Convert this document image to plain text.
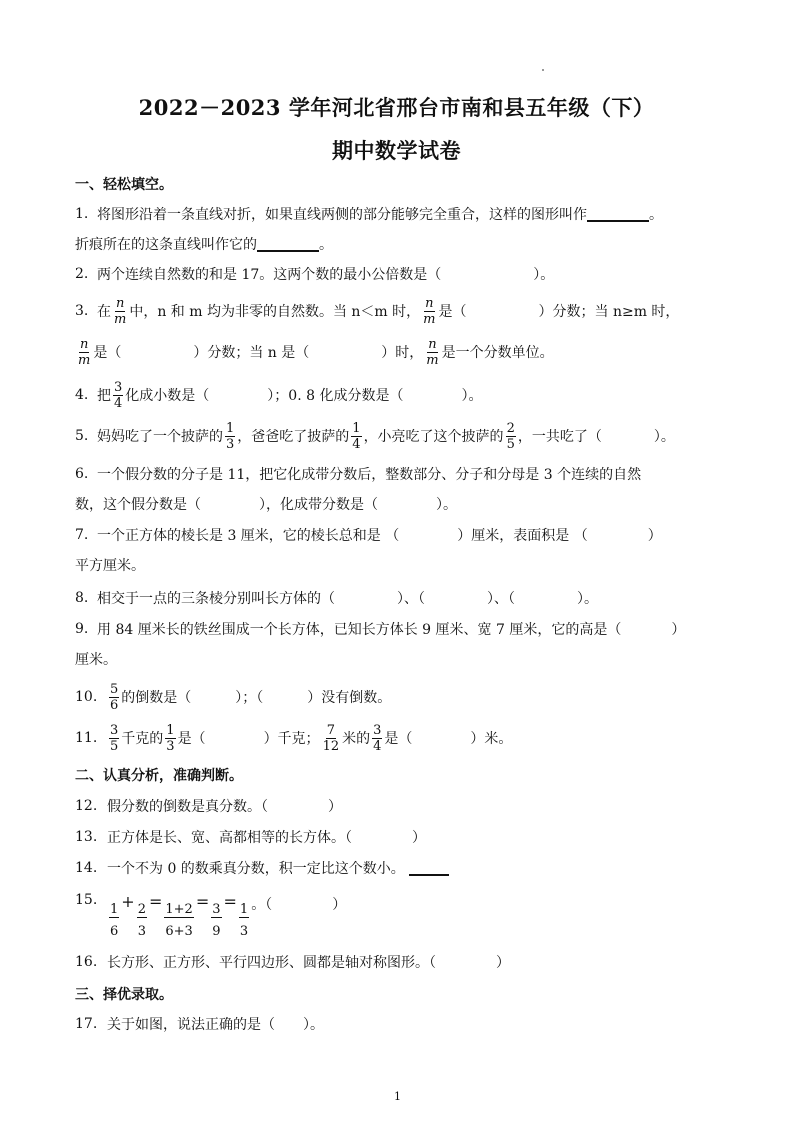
2022－2023 学年河北省邢台市南和县五年级（下）
期中数学试卷
一、轻松填空。
1. 将图形沿着一条直线对折，如果直线两侧的部分能够完全重合，这样的图形叫作	。
折痕所在的这条直线叫作它的	。
2. 两个连续自然数的和是 17。这两个数的最小公倍数是（	）。
3. 在 $\frac{n}{m}$ 中，n 和 m 均为非零的自然数。当 n＜m 时， $\frac{n}{m}$ 是（	）分数；当 n≥m 时，
$\frac{n}{m}$ 是（	）分数；当 n 是（	）时， $\frac{n}{m}$ 是一个分数单位。
4. 把 $\frac{3}{4}$ 化成小数是（	）；0. 8 化成分数是（	）。
5. 妈妈吃了一个披萨的 $\frac{1}{3}$ ，爸爸吃了披萨的 $\frac{1}{4}$ ，小亮吃了这个披萨的 $\frac{2}{5}$ ，一共吃了（	）。
6. 一个假分数的分子是 11，把它化成带分数后，整数部分、分子和分母是 3 个连续的自然
数，这个假分数是（	），化成带分数是（	）。
7. 一个正方体的棱长是 3 厘米，它的棱长总和是 （	）厘米，表面积是 （	）
平方厘米。
8. 相交于一点的三条棱分别叫长方体的（	）、（	）、（	）。
9. 用 84 厘米长的铁丝围成一个长方体，已知长方体长 9 厘米、宽 7 厘米，它的高是（	）
厘米。
10. $\frac{5}{6}$ 的倒数是（	）；（	）没有倒数。
11. $\frac{3}{5}$ 千克的 $\frac{1}{3}$ 是（	）千克； $\frac{7}{12}$ 米的 $\frac{3}{4}$ 是（	）米。
二、认真分析，准确判断。
12. 假分数的倒数是真分数。（	）
13. 正方体是长、宽、高都相等的长方体。（	）
14. 一个不为 0 的数乘真分数，积一定比这个数小。
15.
$\frac{1}{6}$
+
$\frac{2}{3}$
=
$\frac{1+2}{6+3}$
=
$\frac{3}{9}$
=
$\frac{1}{3}$ 。（	）
16. 长方形、正方形、平行四边形、圆都是轴对称图形。（	）
三、择优录取。
17. 关于如图，说法正确的是（ ）。
1
